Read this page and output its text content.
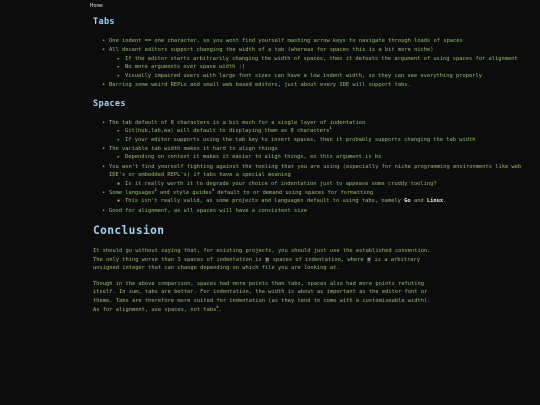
Home
Tabs
• One indent == one character, so you wont find yourself mashing arrow keys to navigate through loads of spaces
• All decent editors support changing the width of a tab (whereas for spaces this is a bit more niche)
▸ If the editor starts arbitrarily changing the width of spaces, then it defeats the argument of using spaces for alignment
▸ No more arguments over space width :)
▸ Visually impaired users with large font sizes can have a low indent width, so they can see everything properly
• Barring some weird REPLs and small web based editors, just about every IDE will support tabs.
Spaces
• The tab default of 8 characters is a bit much for a single layer of indentation
▸ Git(hub,lab,ea) will default to displaying them as 8 characters$^1$
▸ If your editor supports using the tab key to insert spaces, then it probably supports changing the tab width
• The variable tab width makes it hard to align things
▸ Depending on context it makes it easier to align things, so this argument is bs
• You won't find yourself fighting against the tooling that you are using (especially for niche programming environments like web IDE's or embedded REPL's) if tabs have a special meaning
▪ Is it really worth it to degrade your choice of indentation just to appease some cruddy tooling?
• Some languages$^2$ and style guides$^3$ default to or demand using spaces for formatting
▪ This isn't really valid, as some projects and languages default to using tabs, namely Go and Linux.
• Good for alignment, as all spaces will have a consistent size
Conclusion

It should go without saying that, for existing projects, you should just use the established convention. The only thing worse than 3 spaces of indentation is n spaces of indentation, where n is a arbitrary unsigned integer that can change depending on which file you are looking at.

Though in the above comparison, spaces had more points than tabs, spaces also had more points refuting itself. In sum, tabs are better. For indentation, the width is about as important as the editor font or theme. Tabs are therefore more suited for indentation (as they tend to come with a customiseable width). As for alignment, use spaces, not tabs$^4$.
